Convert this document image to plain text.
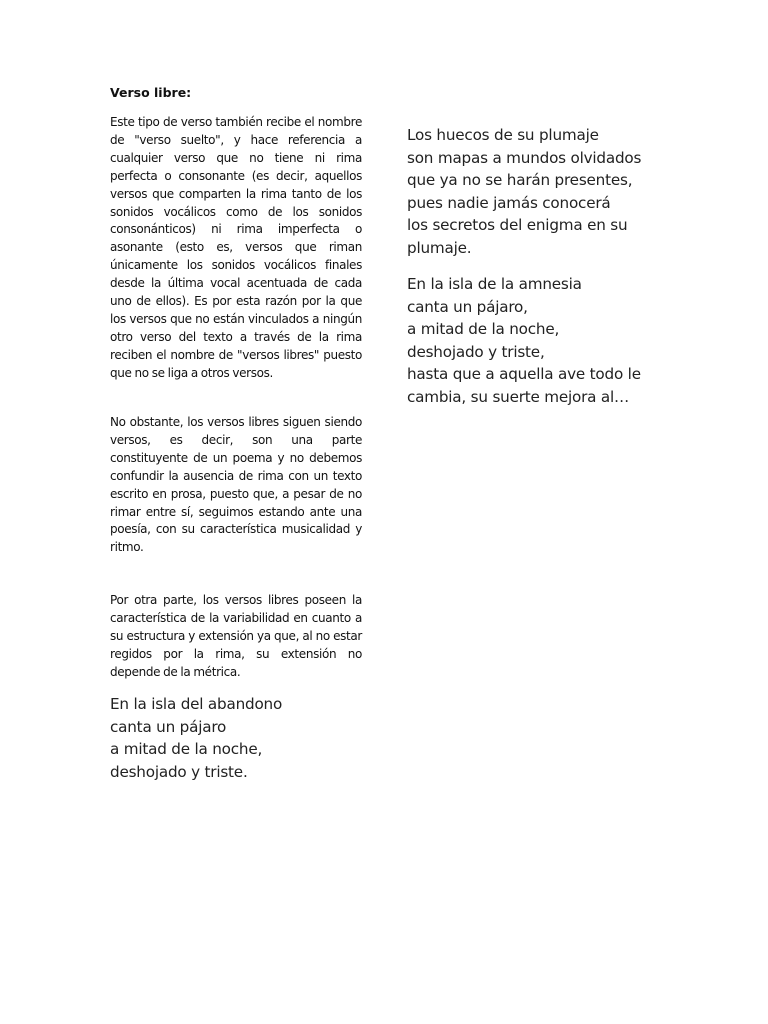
Verso libre:

Este tipo de verso también recibe el nombre de "verso suelto", y hace referencia a cualquier verso que no tiene ni rima perfecta o consonante (es decir, aquellos versos que comparten la rima tanto de los sonidos vocálicos como de los sonidos consonánticos) ni rima imperfecta o asonante (esto es, versos que riman únicamente los sonidos vocálicos finales desde la última vocal acentuada de cada uno de ellos). Es por esta razón por la que los versos que no están vinculados a ningún otro verso del texto a través de la rima reciben el nombre de "versos libres" puesto que no se liga a otros versos.

No obstante, los versos libres siguen siendo versos, es decir, son una parte constituyente de un poema y no debemos confundir la ausencia de rima con un texto escrito en prosa, puesto que, a pesar de no rimar entre sí, seguimos estando ante una poesía, con su característica musicalidad y ritmo.

Por otra parte, los versos libres poseen la característica de la variabilidad en cuanto a su estructura y extensión ya que, al no estar regidos por la rima, su extensión no depende de la métrica.

En la isla del abandono
canta un pájaro
a mitad de la noche,
deshojado y triste.
Los huecos de su plumaje
son mapas a mundos olvidados
que ya no se harán presentes,
pues nadie jamás conocerá
los secretos del enigma en su
plumaje.
En la isla de la amnesia
canta un pájaro,
a mitad de la noche,
deshojado y triste,
hasta que a aquella ave todo le
cambia, su suerte mejora al…
